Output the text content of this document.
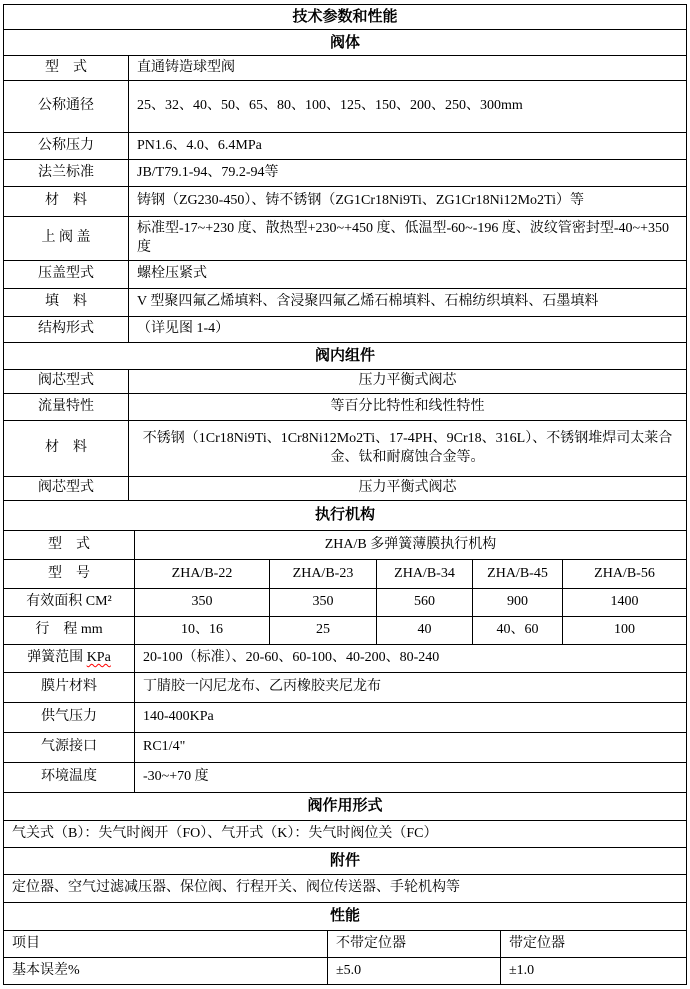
技术参数和性能	
阀体	
型　式	直通铸造球型阀
公称通径	25、32、40、50、65、80、100、125、150、200、250、300mm
公称压力	PN1.6、4.0、6.4MPa
法兰标准	JB/T79.1-94、79.2-94等
材　料	铸钢（ZG230-450）、铸不锈钢（ZG1Cr18Ni9Ti、ZG1Cr18Ni12Mo2Ti）等
上 阀 盖	标准型-17~+230 度、散热型+230~+450 度、低温型-60~-196 度、波纹管密封型-40~+350 度
压盖型式	螺栓压紧式
填　料	V 型聚四氟乙烯填料、含浸聚四氟乙烯石棉填料、石棉纺织填料、石墨填料
结构形式	（详见图 1-4）
阀内组件	
阀芯型式	压力平衡式阀芯
流量特性	等百分比特性和线性特性
材　料	不锈钢（1Cr18Ni9Ti、1Cr8Ni12Mo2Ti、17-4PH、9Cr18、316L）、不锈钢堆焊司太莱合金、钛和耐腐蚀合金等。
阀芯型式	压力平衡式阀芯
执行机构					
型　式	ZHA/B 多弹簧薄膜执行机构				
型　号	ZHA/B-22	ZHA/B-23	ZHA/B-34	ZHA/B-45	ZHA/B-56
有效面积 CM²	350	350	560	900	1400
行　程 mm	10、16	25	40	40、60	100
弹簧范围 KPa	20-100（标准）、20-60、60-100、40-200、80-240				
膜片材料	丁腈胶一闪尼龙布、乙丙橡胶夹尼龙布				
供气压力	140-400KPa				
气源接口	RC1/4"				
环境温度	-30~+70 度				
阀作用形式
气关式（B）：失气时阀开（FO）、气开式（K）：失气时阀位关（FC）
附件
定位器、空气过滤减压器、保位阀、行程开关、阀位传送器、手轮机构等
性能		
项目	不带定位器	带定位器
基本误差%	±5.0	±1.0
